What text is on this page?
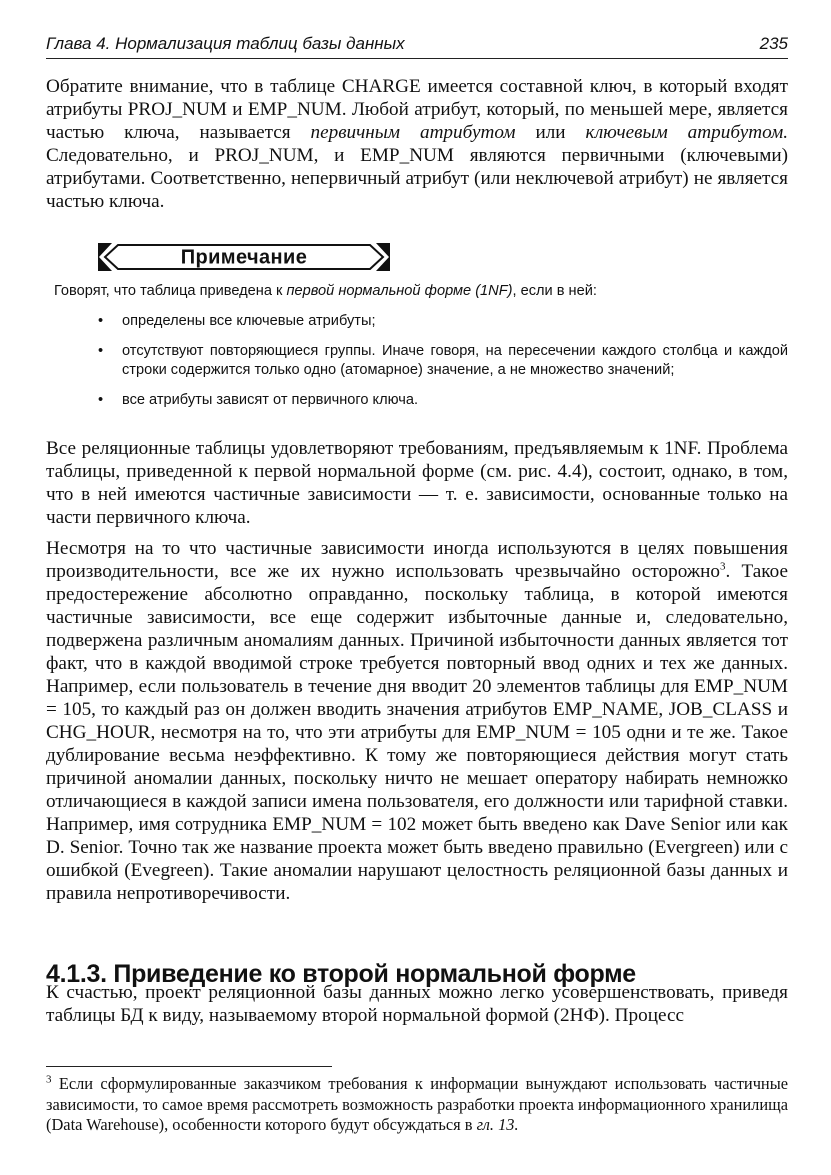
Глава 4. Нормализация таблиц базы данных	235

Обратите внимание, что в таблице CHARGE имеется составной ключ, в который входят атрибуты PROJ_NUM и EMP_NUM. Любой атрибут, который, по меньшей мере, является частью ключа, называется первичным атрибутом или ключевым атрибутом. Следовательно, и PROJ_NUM, и EMP_NUM являются первичными (ключевыми) атрибутами. Соответственно, непервичный атрибут (или неключевой атрибут) не является частью ключа.

Примечание

Говорят, что таблица приведена к первой нормальной форме (1NF), если в ней:

• определены все ключевые атрибуты;
• отсутствуют повторяющиеся группы. Иначе говоря, на пересечении каждого столбца и каждой строки содержится только одно (атомарное) значение, а не множество значений;
• все атрибуты зависят от первичного ключа.

Все реляционные таблицы удовлетворяют требованиям, предъявляемым к 1NF. Проблема таблицы, приведенной к первой нормальной форме (см. рис. 4.4), состоит, однако, в том, что в ней имеются частичные зависимости — т. е. зависимости, основанные только на части первичного ключа.

Несмотря на то что частичные зависимости иногда используются в целях повышения производительности, все же их нужно использовать чрезвычайно осторожно$^3$. Такое предостережение абсолютно оправданно, поскольку таблица, в которой имеются частичные зависимости, все еще содержит избыточные данные и, следовательно, подвержена различным аномалиям данных. Причиной избыточности данных является тот факт, что в каждой вводимой строке требуется повторный ввод одних и тех же данных. Например, если пользователь в течение дня вводит 20 элементов таблицы для EMP_NUM = 105, то каждый раз он должен вводить значения атрибутов EMP_NAME, JOB_CLASS и CHG_HOUR, несмотря на то, что эти атрибуты для EMP_NUM = 105 одни и те же. Такое дублирование весьма неэффективно. К тому же повторяющиеся действия могут стать причиной аномалии данных, поскольку ничто не мешает оператору набирать немножко отличающиеся в каждой записи имена пользователя, его должности или тарифной ставки. Например, имя сотрудника EMP_NUM = 102 может быть введено как Dave Senior или как D. Senior. Точно так же название проекта может быть введено правильно (Evergreen) или с ошибкой (Evegreen). Такие аномалии нарушают целостность реляционной базы данных и правила непротиворечивости.

4.1.3. Приведение ко второй нормальной форме

К счастью, проект реляционной базы данных можно легко усовершенствовать, приведя таблицы БД к виду, называемому второй нормальной формой (2НФ). Процесс

$^3$ Если сформулированные заказчиком требования к информации вынуждают использовать частичные зависимости, то самое время рассмотреть возможность разработки проекта информационного хранилища (Data Warehouse), особенности которого будут обсуждаться в гл. 13.
